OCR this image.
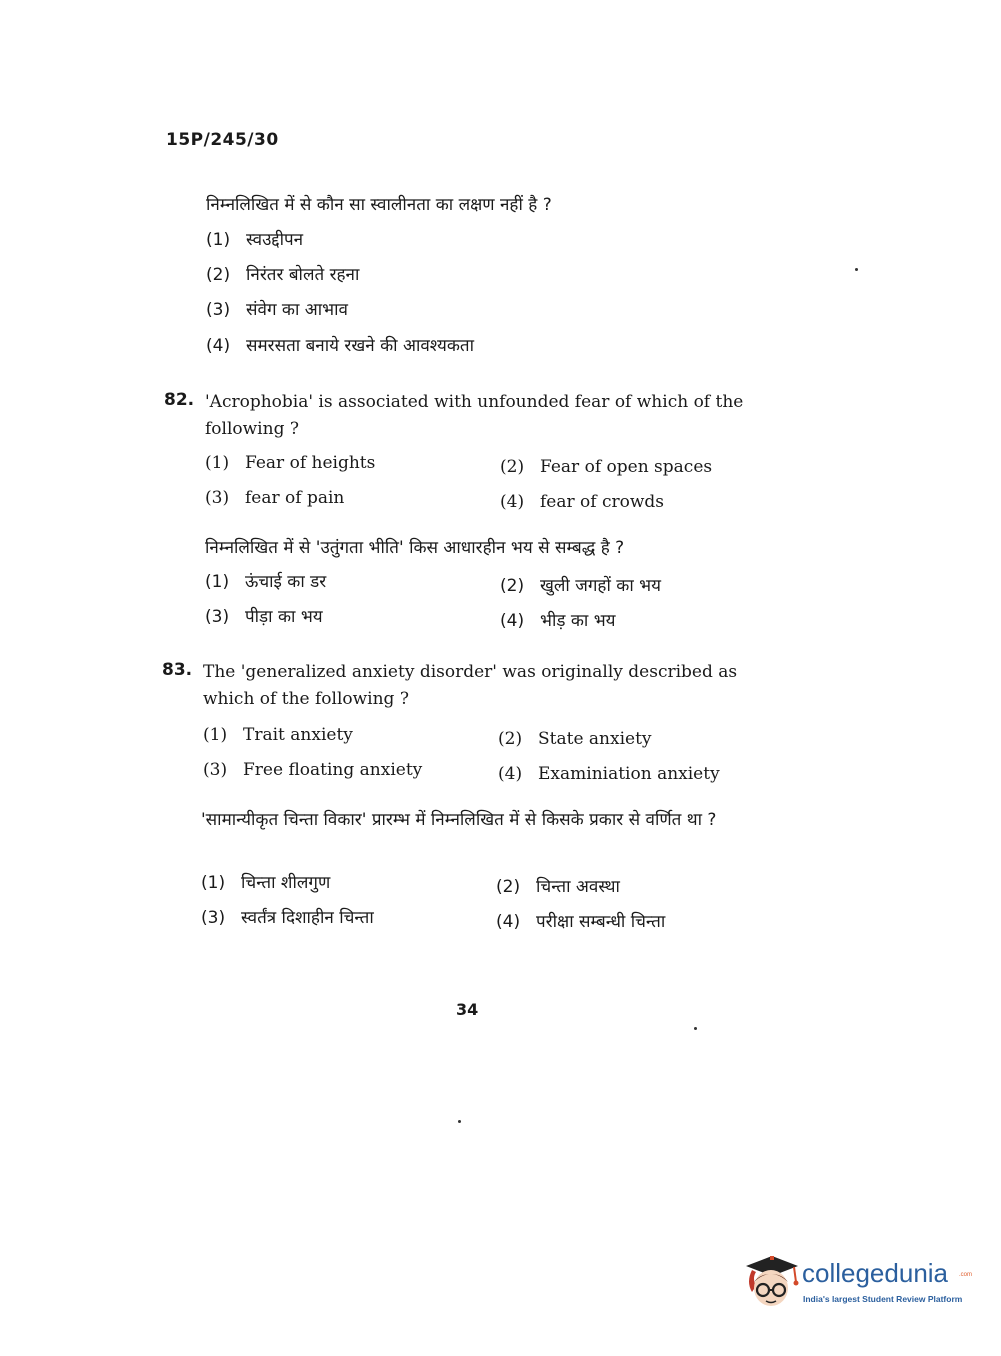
15P/245/30
निम्नलिखित में से कौन सा स्वालीनता का लक्षण नहीं है ?
(1) स्वउद्दीपन
(2) निरंतर बोलते रहना
(3) संवेग का आभाव
(4) समरसता बनाये रखने की आवश्यकता
82. 'Acrophobia' is associated with unfounded fear of which of the following ?
(1) Fear of heights	(2) Fear of open spaces
(3) fear of pain	(4) fear of crowds
निम्नलिखित में से 'उतुंगता भीति' किस आधारहीन भय से सम्बद्ध है ?
(1) ऊंचाई का डर	(2) खुली जगहों का भय
(3) पीड़ा का भय	(4) भीड़ का भय
83. The 'generalized anxiety disorder' was originally described as which of the following ?
(1) Trait anxiety	(2) State anxiety
(3) Free floating anxiety	(4) Examiniation anxiety
'सामान्यीकृत चिन्ता विकार' प्रारम्भ में निम्नलिखित में से किसके प्रकार से वर्णित था ?
(1) चिन्ता शीलगुण	(2) चिन्ता अवस्था
(3) स्वर्तंत्र दिशाहीन चिन्ता	(4) परीक्षा सम्बन्धी चिन्ता
34
collegedunia .com
India's largest Student Review Platform
